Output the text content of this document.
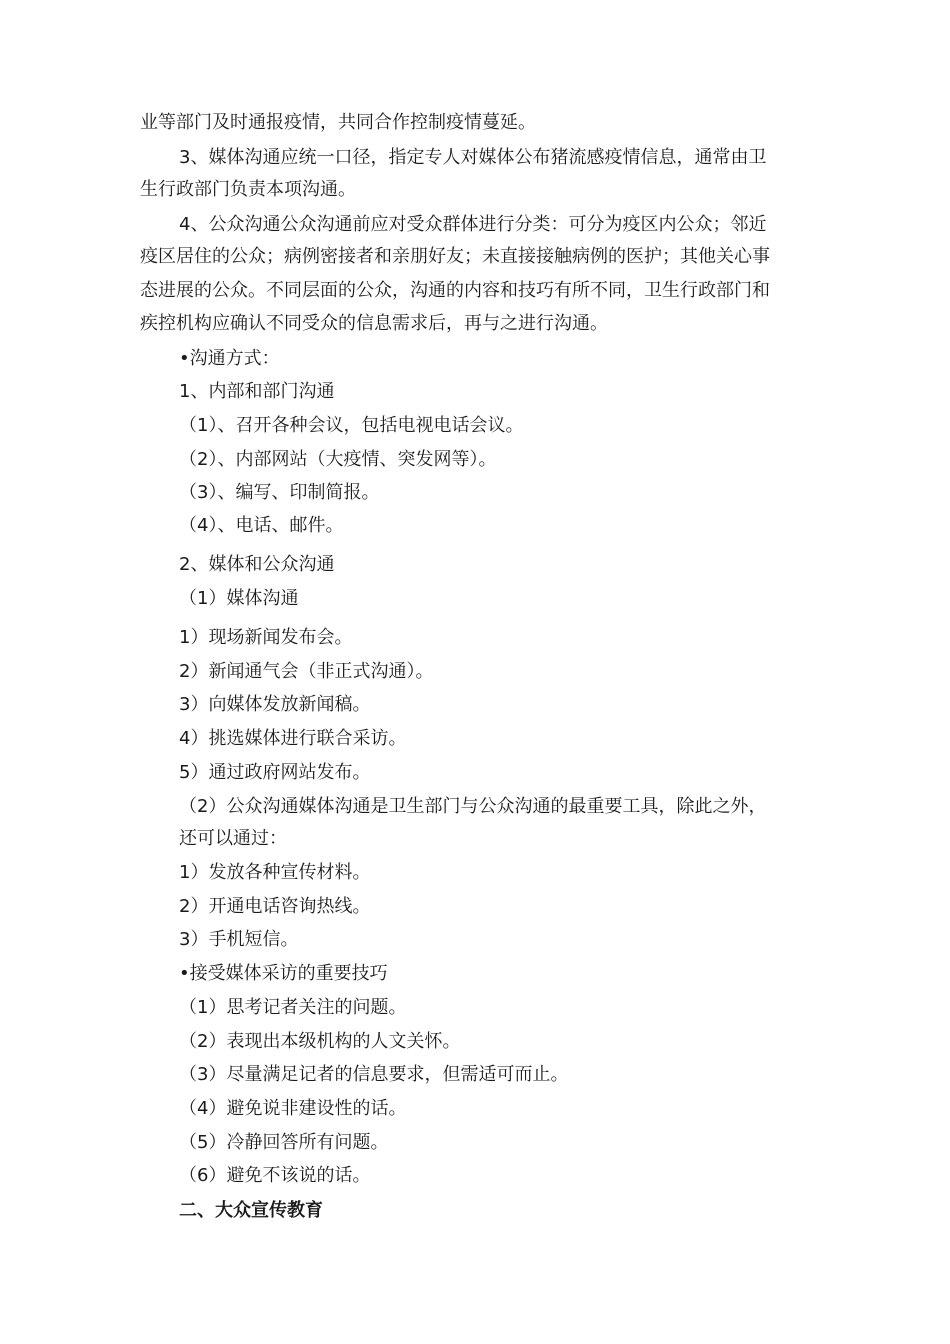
业等部门及时通报疫情，共同合作控制疫情蔓延。
3、媒体沟通应统一口径，指定专人对媒体公布猪流感疫情信息，通常由卫
生行政部门负责本项沟通。
4、公众沟通公众沟通前应对受众群体进行分类：可分为疫区内公众；邻近
疫区居住的公众；病例密接者和亲朋好友；未直接接触病例的医护；其他关心事
态进展的公众。不同层面的公众，沟通的内容和技巧有所不同，卫生行政部门和
疾控机构应确认不同受众的信息需求后，再与之进行沟通。
•沟通方式：
1、内部和部门沟通
（1）、召开各种会议，包括电视电话会议。
（2）、内部网站（大疫情、突发网等）。
（3）、编写、印制简报。
（4）、电话、邮件。
2、媒体和公众沟通
（1）媒体沟通
1）现场新闻发布会。
2）新闻通气会（非正式沟通）。
3）向媒体发放新闻稿。
4）挑选媒体进行联合采访。
5）通过政府网站发布。
（2）公众沟通媒体沟通是卫生部门与公众沟通的最重要工具，除此之外，
还可以通过：
1）发放各种宣传材料。
2）开通电话咨询热线。
3）手机短信。
•接受媒体采访的重要技巧
（1）思考记者关注的问题。
（2）表现出本级机构的人文关怀。
（3）尽量满足记者的信息要求，但需适可而止。
（4）避免说非建设性的话。
（5）冷静回答所有问题。
（6）避免不该说的话。
二、大众宣传教育
